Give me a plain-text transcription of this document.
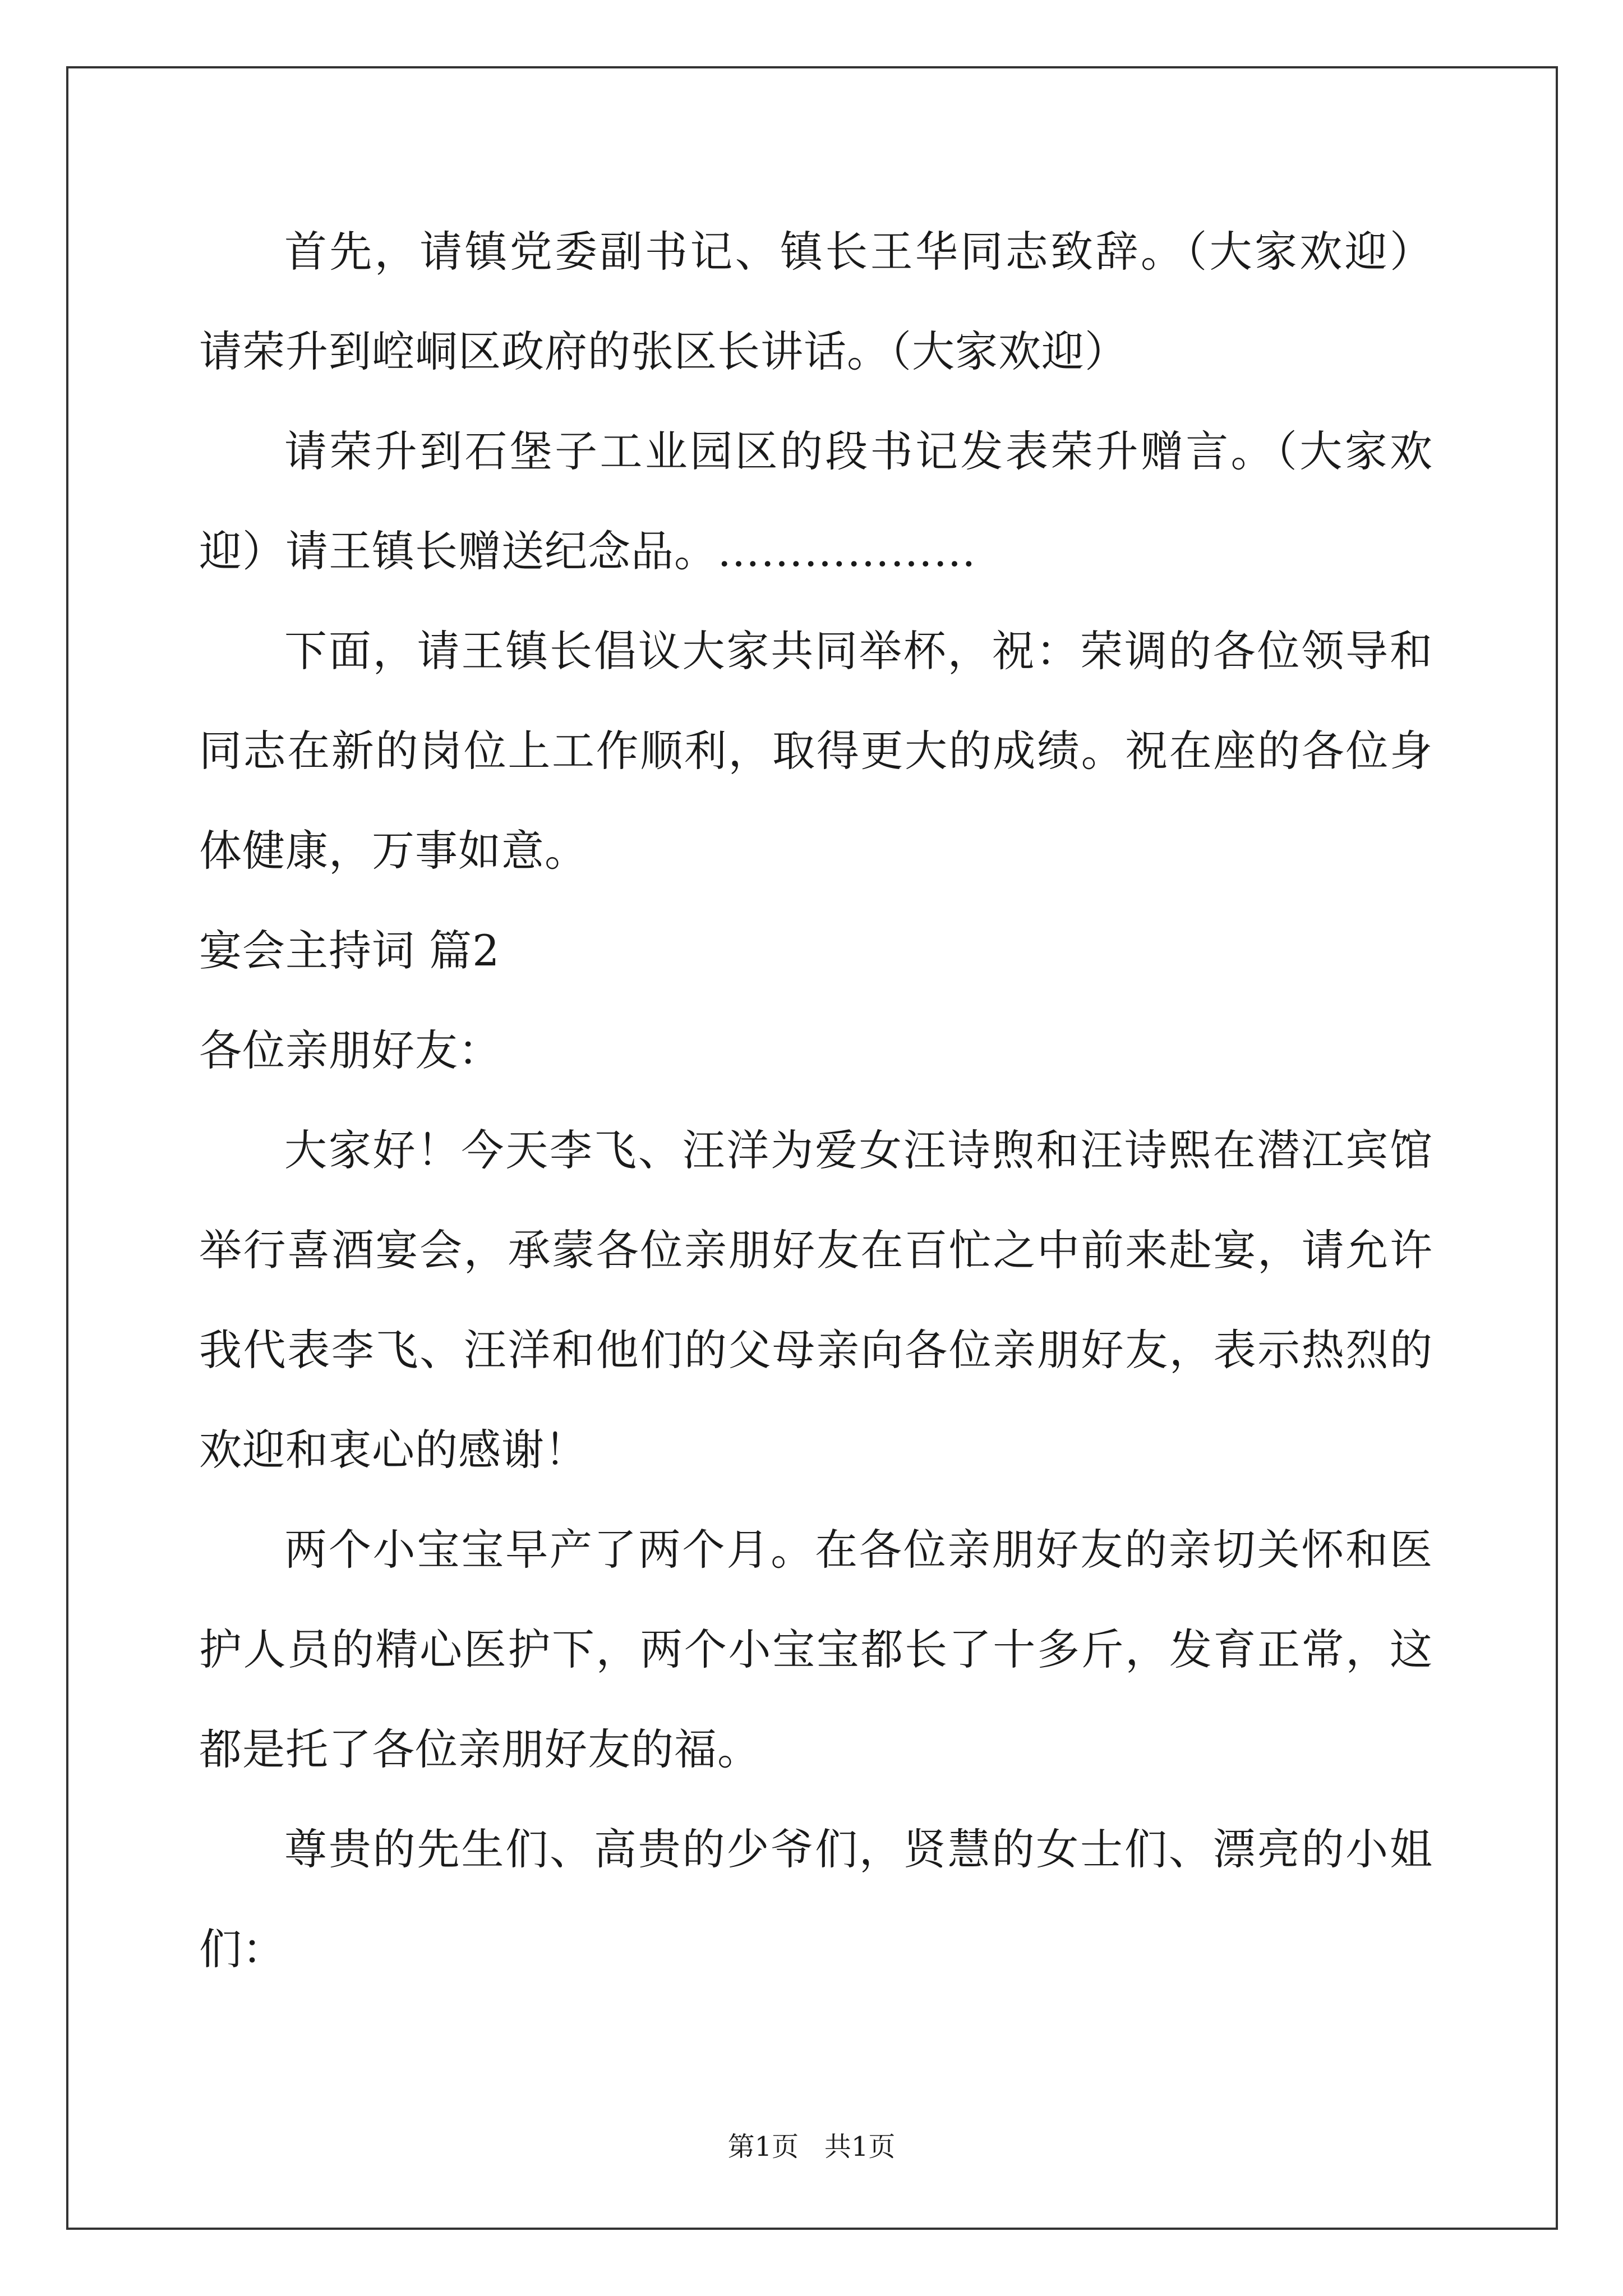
首先，请镇党委副书记、镇长王华同志致辞。（大家欢迎） 请荣升到崆峒区政府的张区长讲话。（大家欢迎）

请荣升到石堡子工业园区的段书记发表荣升赠言。（大家欢迎）请王镇长赠送纪念品。………………

下面，请王镇长倡议大家共同举杯，祝：荣调的各位领导和同志在新的岗位上工作顺利，取得更大的成绩。祝在座的各位身体健康，万事如意。

宴会主持词 篇2

各位亲朋好友：

大家好！今天李飞、汪洋为爱女汪诗煦和汪诗熙在潜江宾馆举行喜酒宴会，承蒙各位亲朋好友在百忙之中前来赴宴，请允许我代表李飞、汪洋和他们的父母亲向各位亲朋好友，表示热烈的欢迎和衷心的感谢！

两个小宝宝早产了两个月。在各位亲朋好友的亲切关怀和医护人员的精心医护下，两个小宝宝都长了十多斤，发育正常，这都是托了各位亲朋好友的福。

尊贵的先生们、高贵的少爷们，贤慧的女士们、漂亮的小姐们：

第1页 共1页
